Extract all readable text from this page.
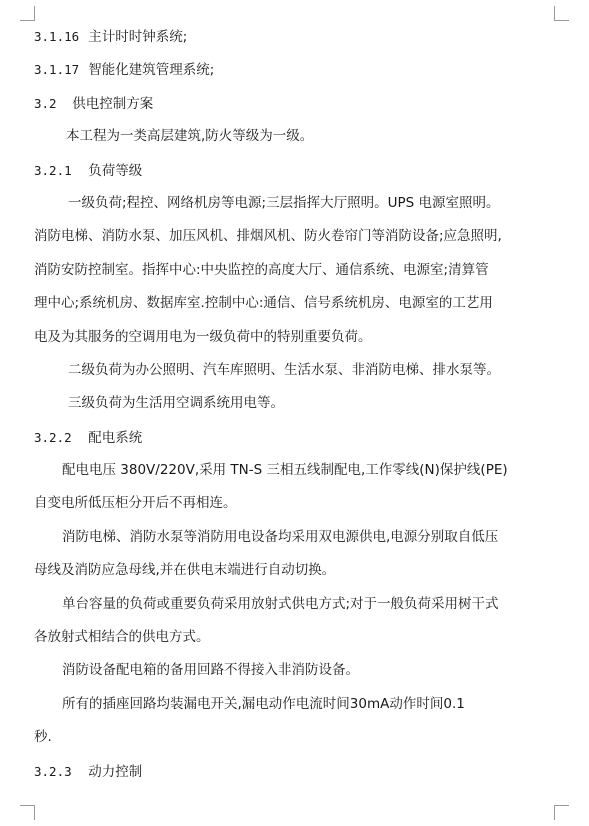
3.1.16 主计时时钟系统;
3.1.17 智能化建筑管理系统;
3.2 供电控制方案
本工程为一类高层建筑,防火等级为一级。
3.2.1 负荷等级
一级负荷;程控、网络机房等电源;三层指挥大厅照明。UPS 电源室照明。
消防电梯、消防水泵、加压风机、排烟风机、防火卷帘门等消防设备;应急照明,
消防安防控制室。指挥中心:中央监控的高度大厅、通信系统、电源室;清算管
理中心;系统机房、数据库室.控制中心:通信、信号系统机房、电源室的工艺用
电及为其服务的空调用电为一级负荷中的特别重要负荷。
二级负荷为办公照明、汽车库照明、生活水泵、非消防电梯、排水泵等。
三级负荷为生活用空调系统用电等。
3.2.2 配电系统
配电电压 380V/220V,采用 TN-S 三相五线制配电,工作零线(N)保护线(PE)
自变电所低压柜分开后不再相连。
消防电梯、消防水泵等消防用电设备均采用双电源供电,电源分别取自低压
母线及消防应急母线,并在供电末端进行自动切换。
单台容量的负荷或重要负荷采用放射式供电方式;对于一般负荷采用树干式
各放射式相结合的供电方式。
消防设备配电箱的备用回路不得接入非消防设备。
所有的插座回路均装漏电开关,漏电动作电流时间30mA动作时间0.1
秒.
3.2.3 动力控制
